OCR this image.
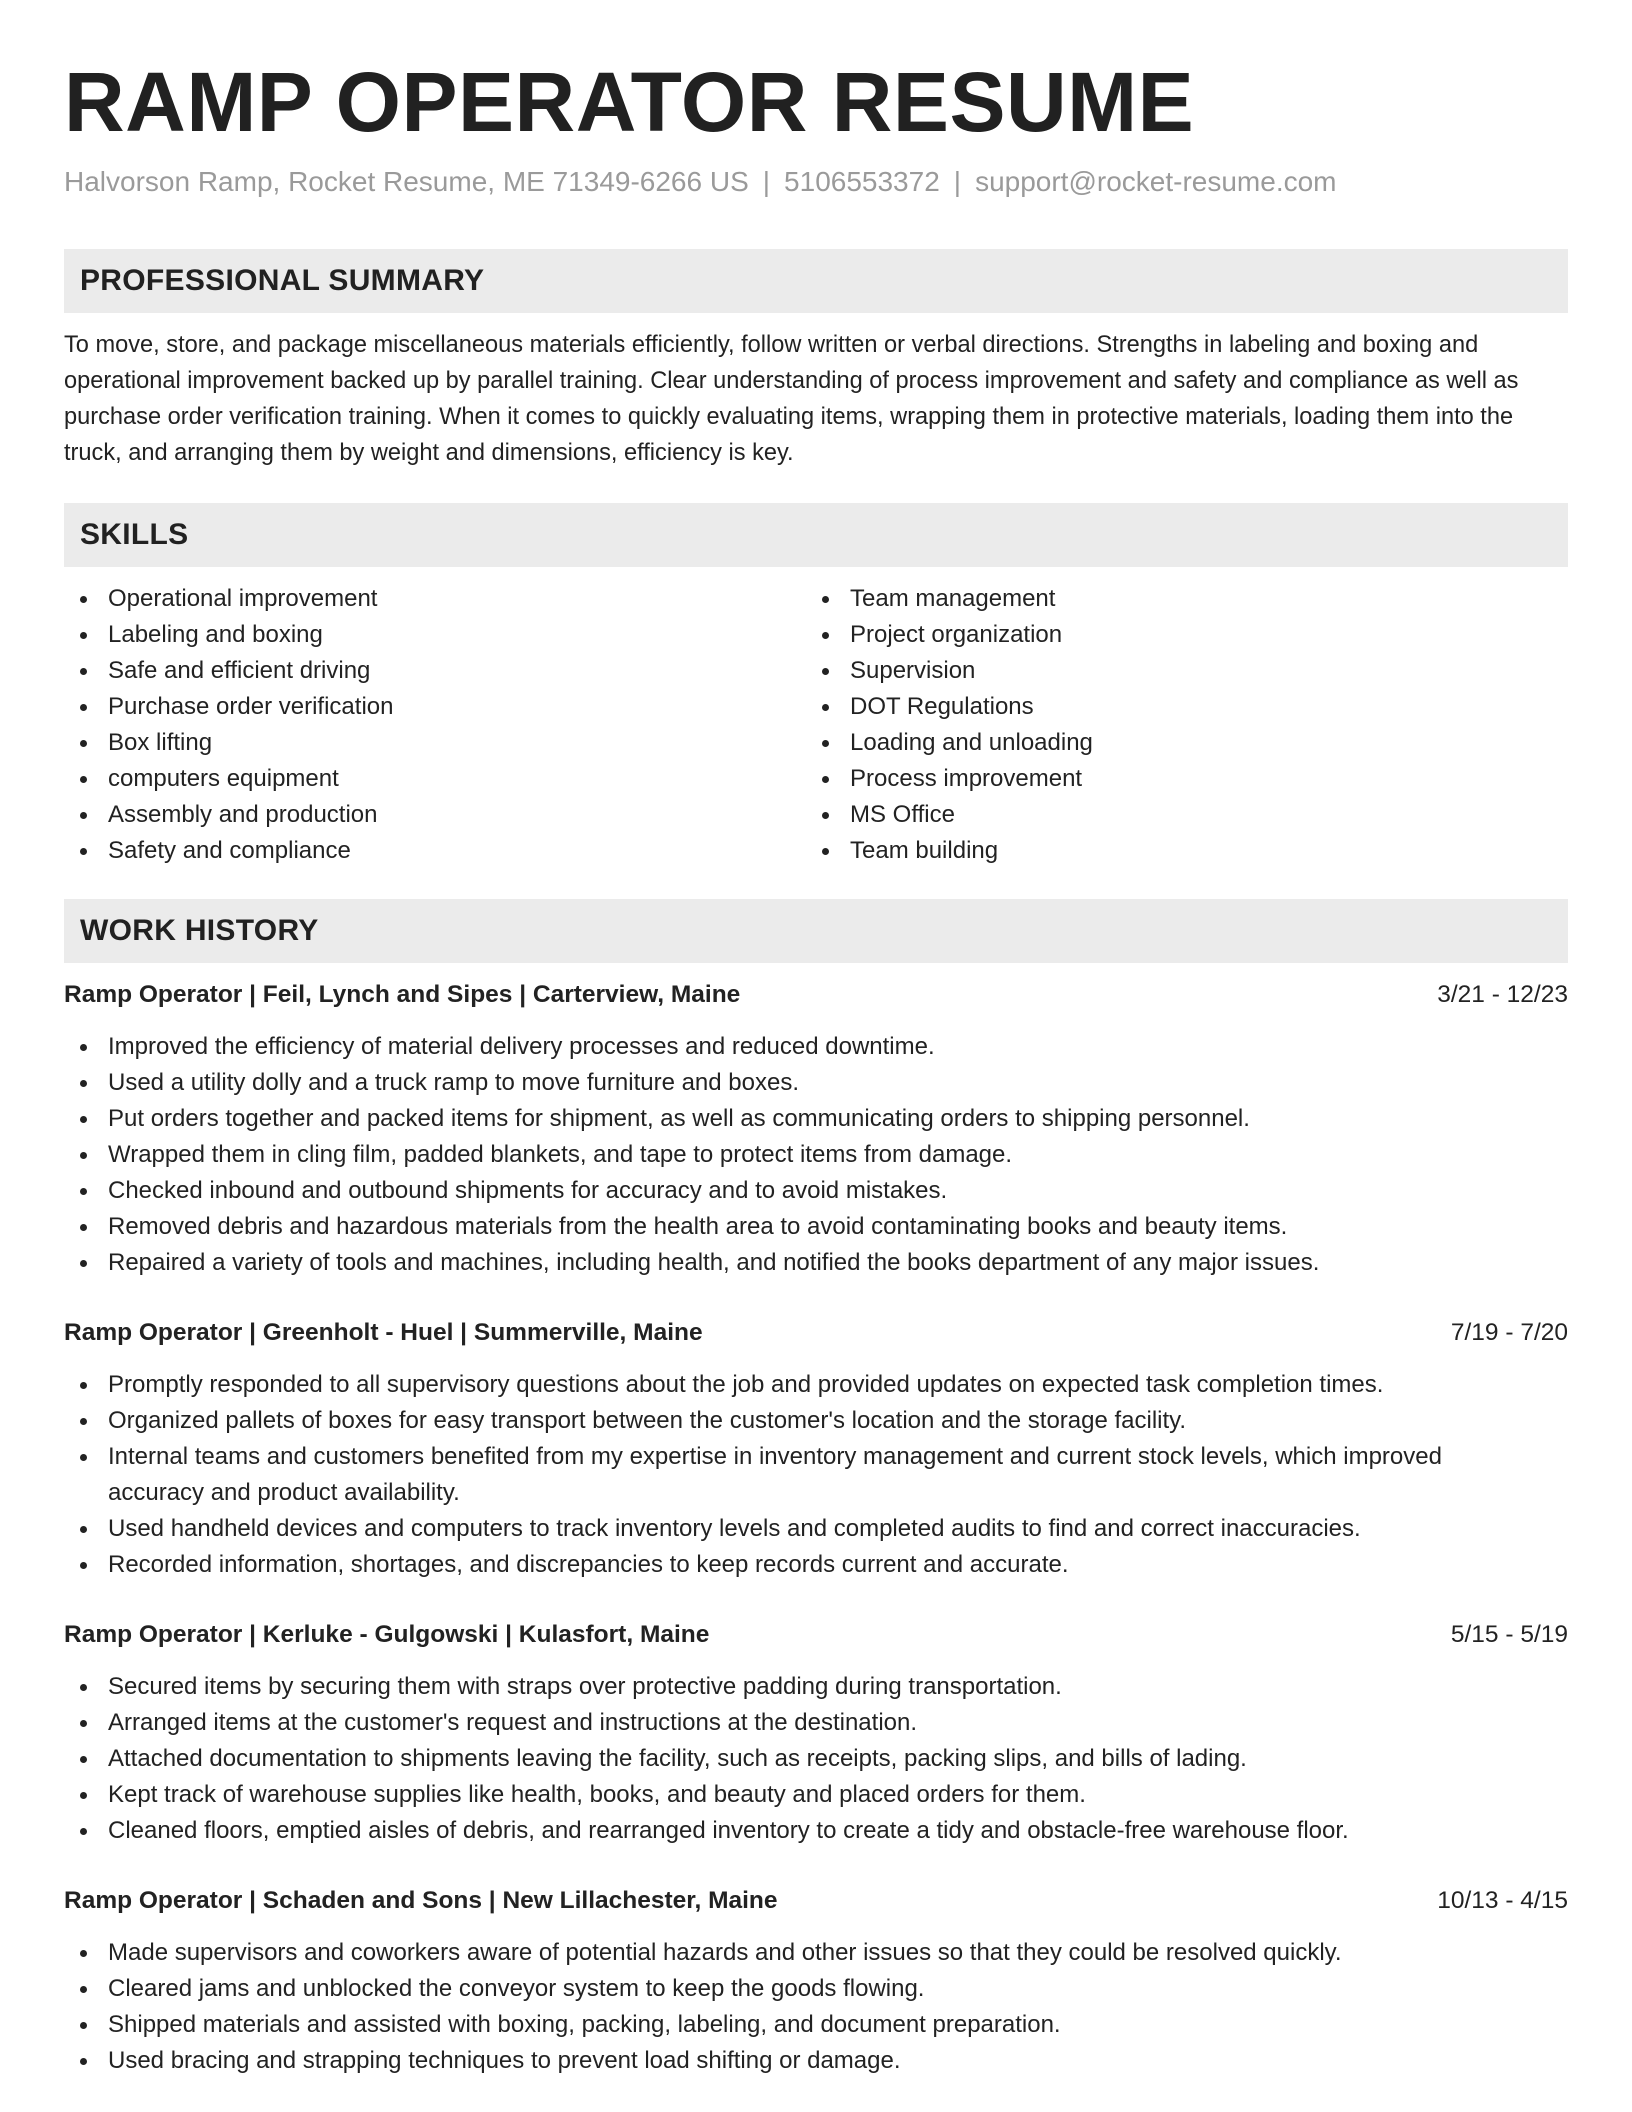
RAMP OPERATOR RESUME
Halvorson Ramp, Rocket Resume, ME 71349-6266 US | 5106553372 | support@rocket-resume.com
PROFESSIONAL SUMMARY
To move, store, and package miscellaneous materials efficiently, follow written or verbal directions. Strengths in labeling and boxing and operational improvement backed up by parallel training. Clear understanding of process improvement and safety and compliance as well as purchase order verification training. When it comes to quickly evaluating items, wrapping them in protective materials, loading them into the truck, and arranging them by weight and dimensions, efficiency is key.
SKILLS
Operational improvement
Labeling and boxing
Safe and efficient driving
Purchase order verification
Box lifting
computers equipment
Assembly and production
Safety and compliance
Team management
Project organization
Supervision
DOT Regulations
Loading and unloading
Process improvement
MS Office
Team building
WORK HISTORY
Ramp Operator | Feil, Lynch and Sipes | Carterview, Maine	3/21 - 12/23
Improved the efficiency of material delivery processes and reduced downtime.
Used a utility dolly and a truck ramp to move furniture and boxes.
Put orders together and packed items for shipment, as well as communicating orders to shipping personnel.
Wrapped them in cling film, padded blankets, and tape to protect items from damage.
Checked inbound and outbound shipments for accuracy and to avoid mistakes.
Removed debris and hazardous materials from the health area to avoid contaminating books and beauty items.
Repaired a variety of tools and machines, including health, and notified the books department of any major issues.
Ramp Operator | Greenholt - Huel | Summerville, Maine	7/19 - 7/20
Promptly responded to all supervisory questions about the job and provided updates on expected task completion times.
Organized pallets of boxes for easy transport between the customer's location and the storage facility.
Internal teams and customers benefited from my expertise in inventory management and current stock levels, which improved accuracy and product availability.
Used handheld devices and computers to track inventory levels and completed audits to find and correct inaccuracies.
Recorded information, shortages, and discrepancies to keep records current and accurate.
Ramp Operator | Kerluke - Gulgowski | Kulasfort, Maine	5/15 - 5/19
Secured items by securing them with straps over protective padding during transportation.
Arranged items at the customer's request and instructions at the destination.
Attached documentation to shipments leaving the facility, such as receipts, packing slips, and bills of lading.
Kept track of warehouse supplies like health, books, and beauty and placed orders for them.
Cleaned floors, emptied aisles of debris, and rearranged inventory to create a tidy and obstacle-free warehouse floor.
Ramp Operator | Schaden and Sons | New Lillachester, Maine	10/13 - 4/15
Made supervisors and coworkers aware of potential hazards and other issues so that they could be resolved quickly.
Cleared jams and unblocked the conveyor system to keep the goods flowing.
Shipped materials and assisted with boxing, packing, labeling, and document preparation.
Used bracing and strapping techniques to prevent load shifting or damage.
